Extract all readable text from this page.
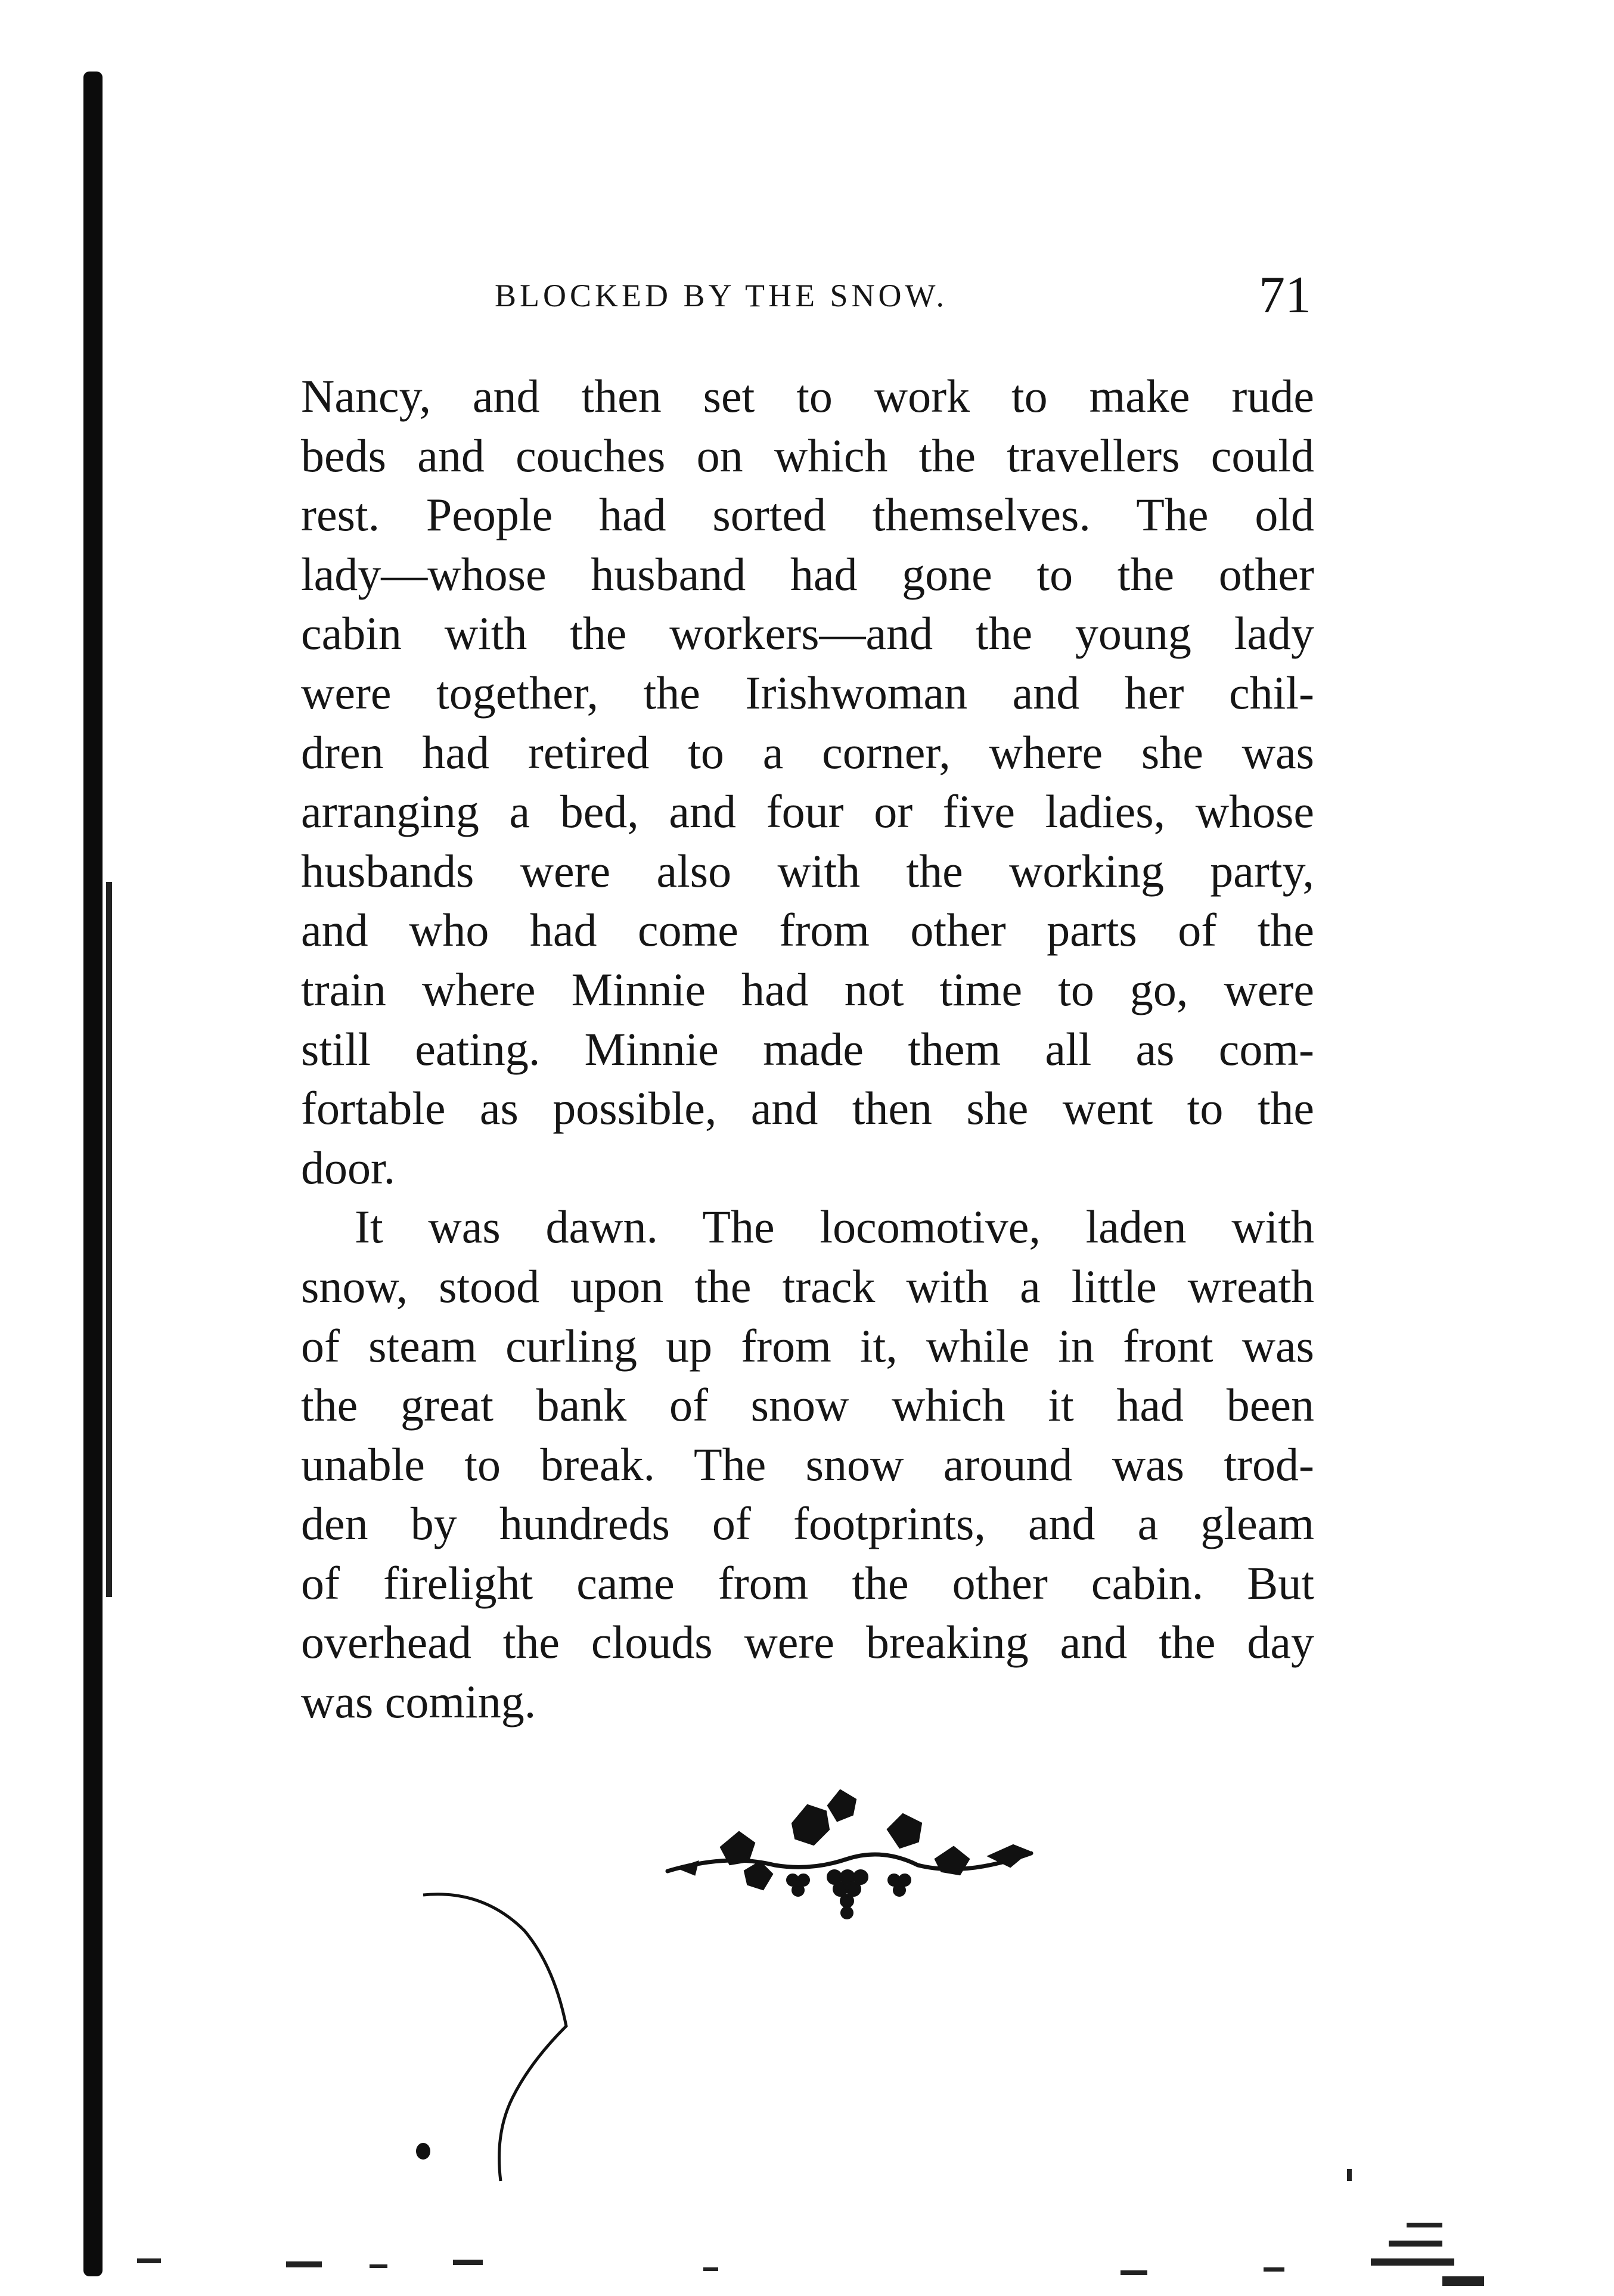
BLOCKED BY THE SNOW.	71
Nancy, and then set to work to make rude
beds and couches on which the travellers could
rest. People had sorted themselves. The old
lady—whose husband had gone to the other
cabin with the workers—and the young lady
were together, the Irishwoman and her chil-
dren had retired to a corner, where she was
arranging a bed, and four or five ladies, whose
husbands were also with the working party,
and who had come from other parts of the
train where Minnie had not time to go, were
still eating. Minnie made them all as com-
fortable as possible, and then she went to the
door.
It was dawn. The locomotive, laden with
snow, stood upon the track with a little wreath
of steam curling up from it, while in front was
the great bank of snow which it had been
unable to break. The snow around was trod-
den by hundreds of footprints, and a gleam
of firelight came from the other cabin. But
overhead the clouds were breaking and the day
was coming.
